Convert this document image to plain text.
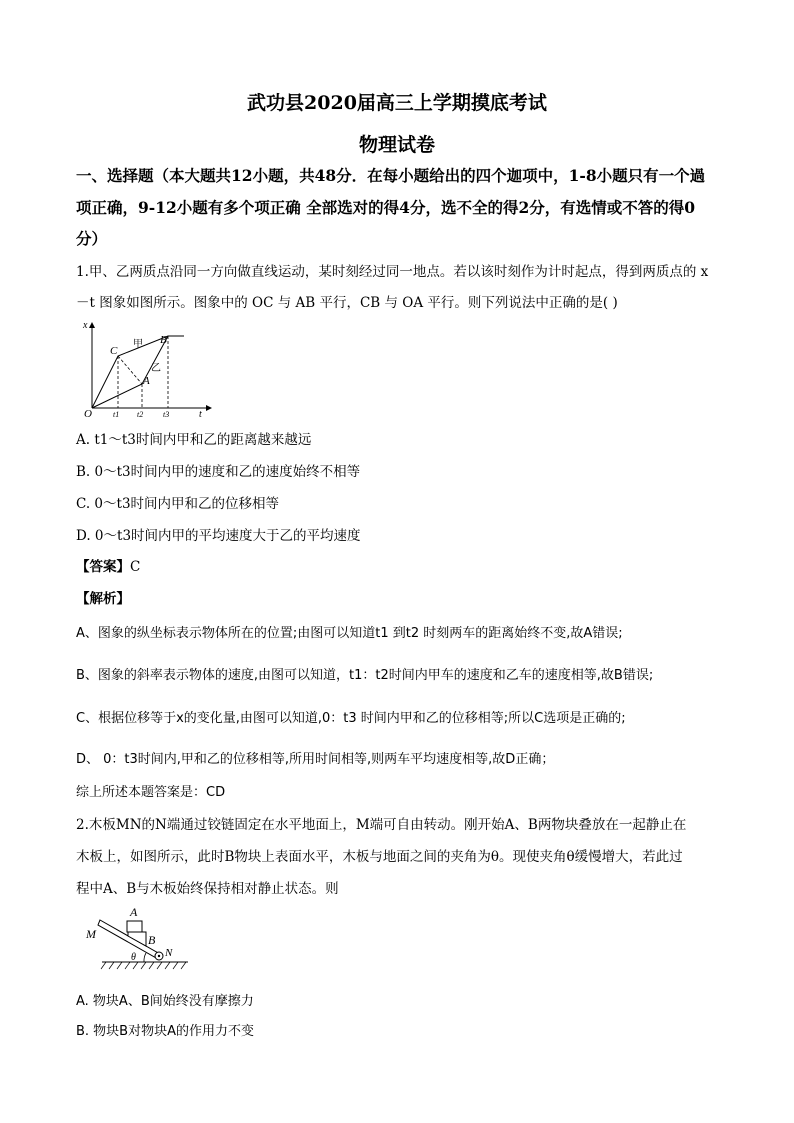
武功县2020届高三上学期摸底考试
物理试卷
一、选择题（本大题共12小题，共48分．在每小题给出的四个迦项中，1-8小题只有一个過
项正确，9-12小题有多个项正确 全部选对的得4分，选不全的得2分，有选情或不答的得0
分）
1.甲、乙两质点沿同一方向做直线运动，某时刻经过同一地点。若以该时刻作为计时起点，得到两质点的 x
－t 图象如图所示。图象中的 OC 与 AB 平行，CB 与 OA 平行。则下列说法中正确的是( )
x
t
O
C
B
A
甲
乙
t1 t2 t3
A. t1～t3时间内甲和乙的距离越来越远
B. 0～t3时间内甲的速度和乙的速度始终不相等
C. 0～t3时间内甲和乙的位移相等
D. 0～t3时间内甲的平均速度大于乙的平均速度
【答案】C
【解析】
A、图象的纵坐标表示物体所在的位置;由图可以知道t1 到t2 时刻两车的距离始终不变,故A错误;
B、图象的斜率表示物体的速度,由图可以知道，t1：t2时间内甲车的速度和乙车的速度相等,故B错误;
C、根据位移等于x的变化量,由图可以知道,0：t3 时间内甲和乙的位移相等;所以C选项是正确的;
D、 0：t3时间内,甲和乙的位移相等,所用时间相等,则两车平均速度相等,故D正确；
综上所述本题答案是：CD
2.木板MN的N端通过铰链固定在水平地面上，M端可自由转动。刚开始A、B两物块叠放在一起静止在
木板上，如图所示，此时B物块上表面水平，木板与地面之间的夹角为θ。现使夹角θ缓慢增大，若此过
程中A、B与木板始终保持相对静止状态。则
A
B
M
N
θ
A. 物块A、B间始终没有摩擦力
B. 物块B对物块A的作用力不变
